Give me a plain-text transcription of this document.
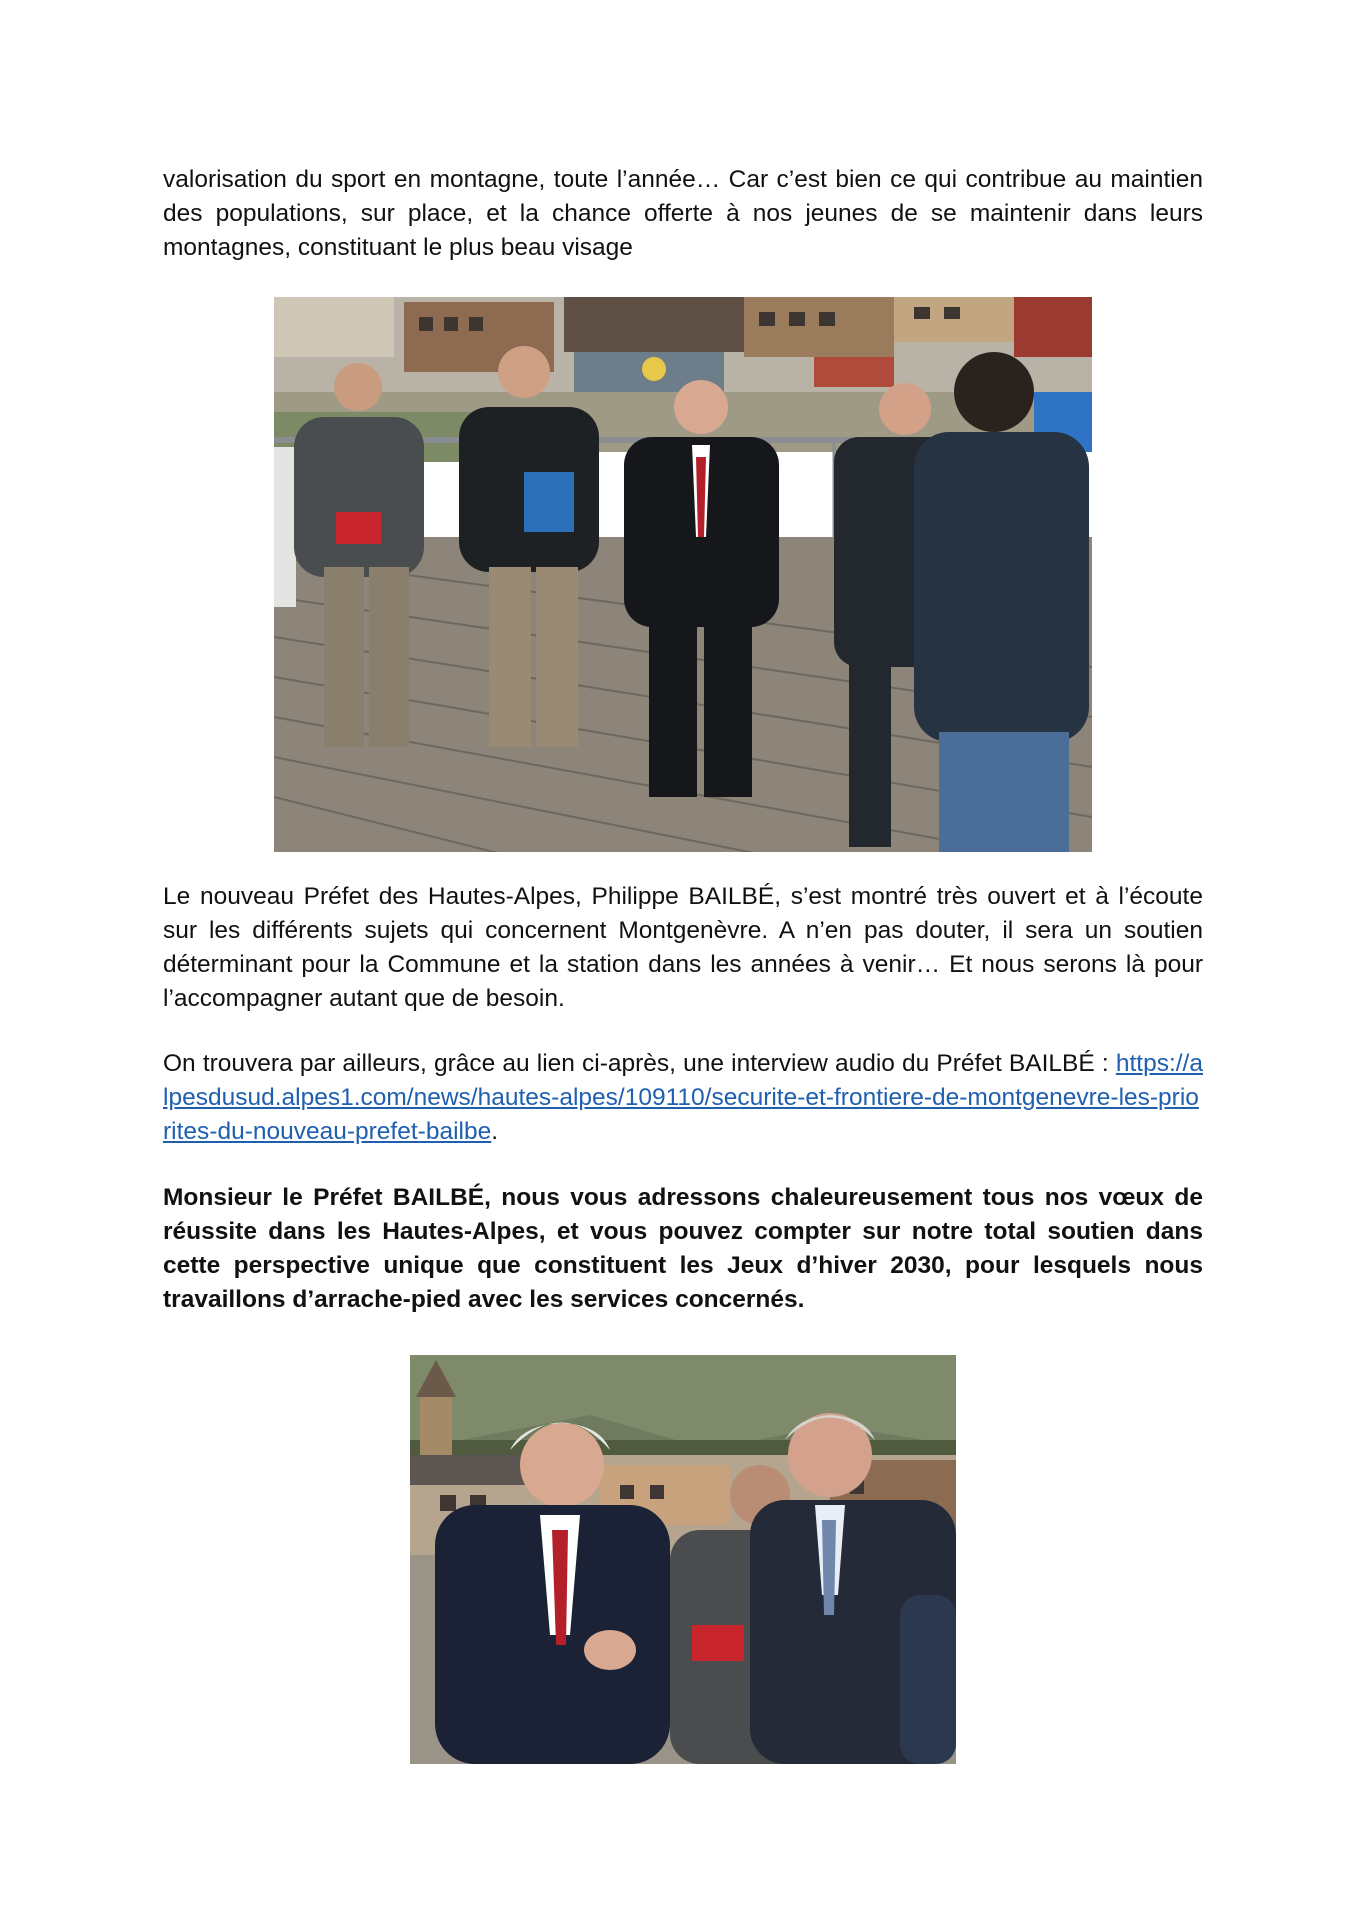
valorisation du sport en montagne, toute l’année… Car c’est bien ce qui contribue au maintien des populations, sur place, et la chance offerte à nos jeunes de se maintenir dans leurs montagnes, constituant le plus beau visage

Le nouveau Préfet des Hautes-Alpes, Philippe BAILBÉ, s’est montré très ouvert et à l’écoute sur les différents sujets qui concernent Montgenèvre. A n’en pas douter, il sera un soutien déterminant pour la Commune et la station dans les années à venir… Et nous serons là pour l’accompagner autant que de besoin.

On trouvera par ailleurs, grâce au lien ci-après, une interview audio du Préfet BAILBÉ : https://alpesdusud.alpes1.com/news/hautes-alpes/109110/securite-et-frontiere-de-montgenevre-les-priorites-du-nouveau-prefet-bailbe.

Monsieur le Préfet BAILBÉ, nous vous adressons chaleureusement tous nos vœux de réussite dans les Hautes-Alpes, et vous pouvez compter sur notre total soutien dans cette perspective unique que constituent les Jeux d’hiver 2030, pour lesquels nous travaillons d’arrache-pied avec les services concernés.
